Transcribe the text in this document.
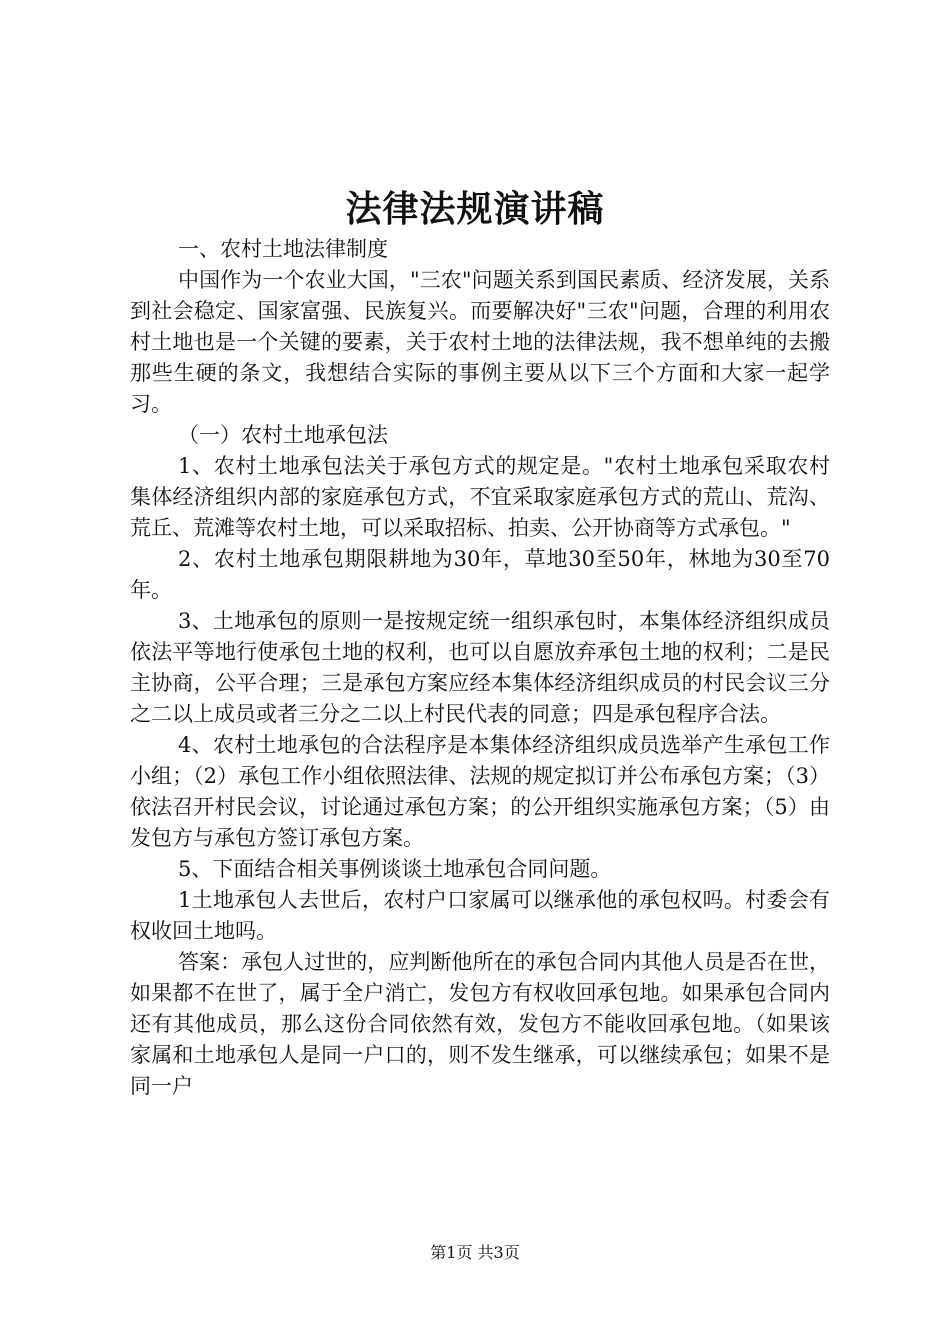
法律法规演讲稿

一、农村土地法律制度

中国作为一个农业大国，"三农"问题关系到国民素质、经济发展，关系到社会稳定、国家富强、民族复兴。而要解决好"三农"问题，合理的利用农村土地也是一个关键的要素，关于农村土地的法律法规，我不想单纯的去搬那些生硬的条文，我想结合实际的事例主要从以下三个方面和大家一起学习。

（一）农村土地承包法

1、农村土地承包法关于承包方式的规定是。"农村土地承包采取农村集体经济组织内部的家庭承包方式，不宜采取家庭承包方式的荒山、荒沟、荒丘、荒滩等农村土地，可以采取招标、拍卖、公开协商等方式承包。"

2、农村土地承包期限耕地为30年，草地30至50年，林地为30至70年。

3、土地承包的原则一是按规定统一组织承包时，本集体经济组织成员依法平等地行使承包土地的权利，也可以自愿放弃承包土地的权利；二是民主协商，公平合理；三是承包方案应经本集体经济组织成员的村民会议三分之二以上成员或者三分之二以上村民代表的同意；四是承包程序合法。

4、农村土地承包的合法程序是本集体经济组织成员选举产生承包工作小组；（2）承包工作小组依照法律、法规的规定拟订并公布承包方案；（3）依法召开村民会议，讨论通过承包方案；的公开组织实施承包方案；（5）由发包方与承包方签订承包方案。

5、下面结合相关事例谈谈土地承包合同问题。

1土地承包人去世后，农村户口家属可以继承他的承包权吗。村委会有权收回土地吗。

答案：承包人过世的，应判断他所在的承包合同内其他人员是否在世，如果都不在世了，属于全户消亡，发包方有权收回承包地。如果承包合同内还有其他成员，那么这份合同依然有效，发包方不能收回承包地。（如果该家属和土地承包人是同一户口的，则不发生继承，可以继续承包；如果不是同一户

第1页 共3页
